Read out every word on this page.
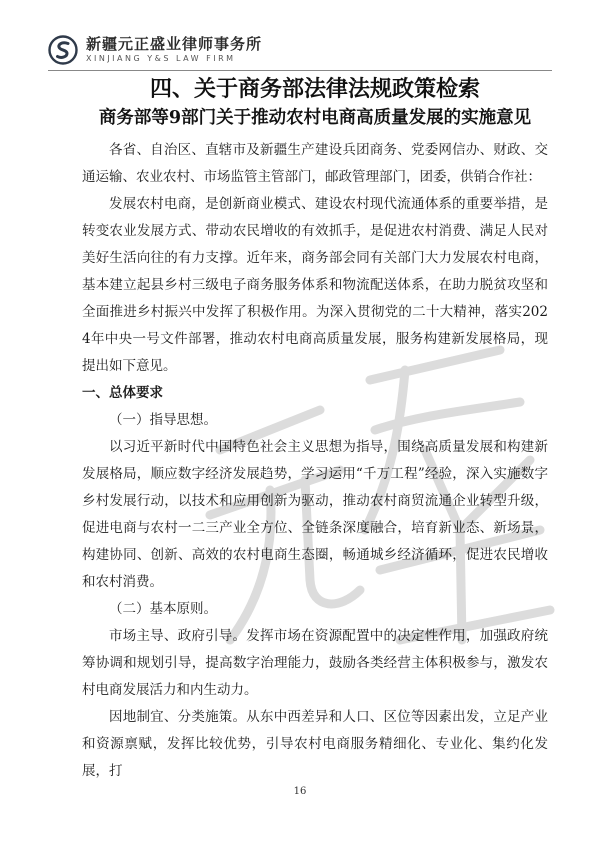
新疆元正盛业律师事务所
XINJIANG Y&S LAW FIRM
四、关于商务部法律法规政策检索
商务部等9部门关于推动农村电商高质量发展的实施意见

各省、自治区、直辖市及新疆生产建设兵团商务、党委网信办、财政、交通运输、农业农村、市场监管主管部门，邮政管理部门，团委，供销合作社：

发展农村电商，是创新商业模式、建设农村现代流通体系的重要举措，是转变农业发展方式、带动农民增收的有效抓手，是促进农村消费、满足人民对美好生活向往的有力支撑。近年来，商务部会同有关部门大力发展农村电商，基本建立起县乡村三级电子商务服务体系和物流配送体系，在助力脱贫攻坚和全面推进乡村振兴中发挥了积极作用。为深入贯彻党的二十大精神，落实2024年中央一号文件部署，推动农村电商高质量发展，服务构建新发展格局，现提出如下意见。

一、总体要求

（一）指导思想。

以习近平新时代中国特色社会主义思想为指导，围绕高质量发展和构建新发展格局，顺应数字经济发展趋势，学习运用“千万工程”经验，深入实施数字乡村发展行动，以技术和应用创新为驱动，推动农村商贸流通企业转型升级，促进电商与农村一二三产业全方位、全链条深度融合，培育新业态、新场景，构建协同、创新、高效的农村电商生态圈，畅通城乡经济循环，促进农民增收和农村消费。

（二）基本原则。

市场主导、政府引导。发挥市场在资源配置中的决定性作用，加强政府统筹协调和规划引导，提高数字治理能力，鼓励各类经营主体积极参与，激发农村电商发展活力和内生动力。

因地制宜、分类施策。从东中西差异和人口、区位等因素出发，立足产业和资源禀赋，发挥比较优势，引导农村电商服务精细化、专业化、集约化发展，打

16
